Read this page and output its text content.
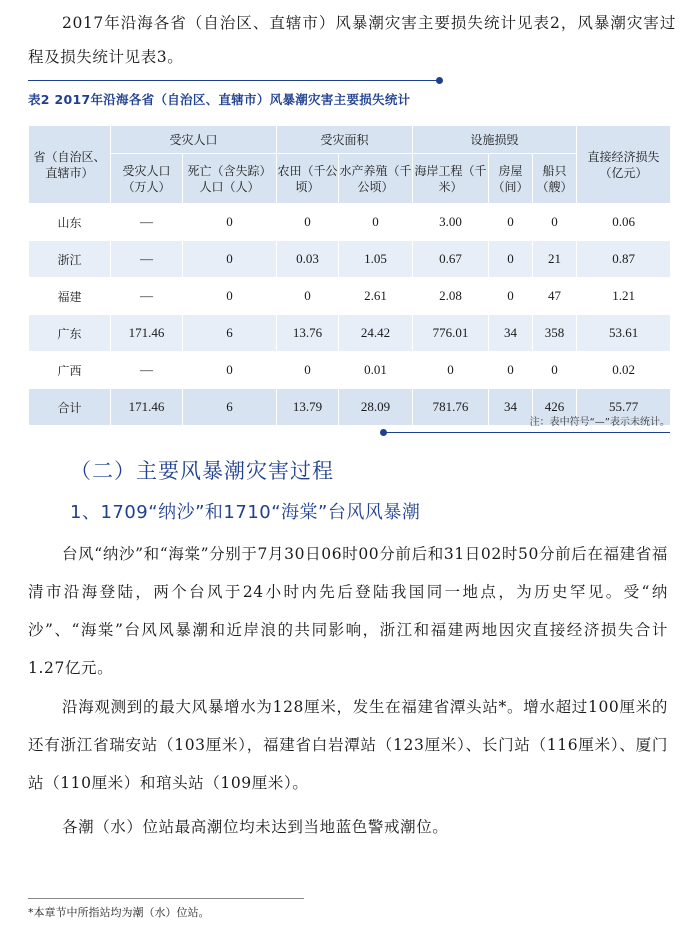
2017年沿海各省（自治区、直辖市）风暴潮灾害主要损失统计见表2，风暴潮灾害过程及损失统计见表3。
表2 2017年沿海各省（自治区、直辖市）风暴潮灾害主要损失统计
省（自治区、直辖市）	受灾人口		受灾面积		设施损毁			直接经济损失（亿元）
	受灾人口（万人）	死亡（含失踪）人口（人）	农田（千公顷）	水产养殖（千公顷）	海岸工程（千米）	房屋（间）	船只（艘）	
山东	—	0	0	0	3.00	0	0	0.06
浙江	—	0	0.03	1.05	0.67	0	21	0.87
福建	—	0	0	2.61	2.08	0	47	1.21
广东	171.46	6	13.76	24.42	776.01	34	358	53.61
广西	—	0	0	0.01	0	0	0	0.02
合计	171.46	6	13.79	28.09	781.76	34	426	55.77
注：表中符号“—”表示未统计。
（二）主要风暴潮灾害过程
1、1709“纳沙”和1710“海棠”台风风暴潮
台风“纳沙”和“海棠”分别于7月30日06时00分前后和31日02时50分前后在福建省福清市沿海登陆，两个台风于24小时内先后登陆我国同一地点，为历史罕见。受“纳沙”、“海棠”台风风暴潮和近岸浪的共同影响，浙江和福建两地因灾直接经济损失合计1.27亿元。
沿海观测到的最大风暴增水为128厘米，发生在福建省潭头站*。增水超过100厘米的还有浙江省瑞安站（103厘米），福建省白岩潭站（123厘米）、长门站（116厘米）、厦门站（110厘米）和琯头站（109厘米）。
各潮（水）位站最高潮位均未达到当地蓝色警戒潮位。
*本章节中所指站均为潮（水）位站。
